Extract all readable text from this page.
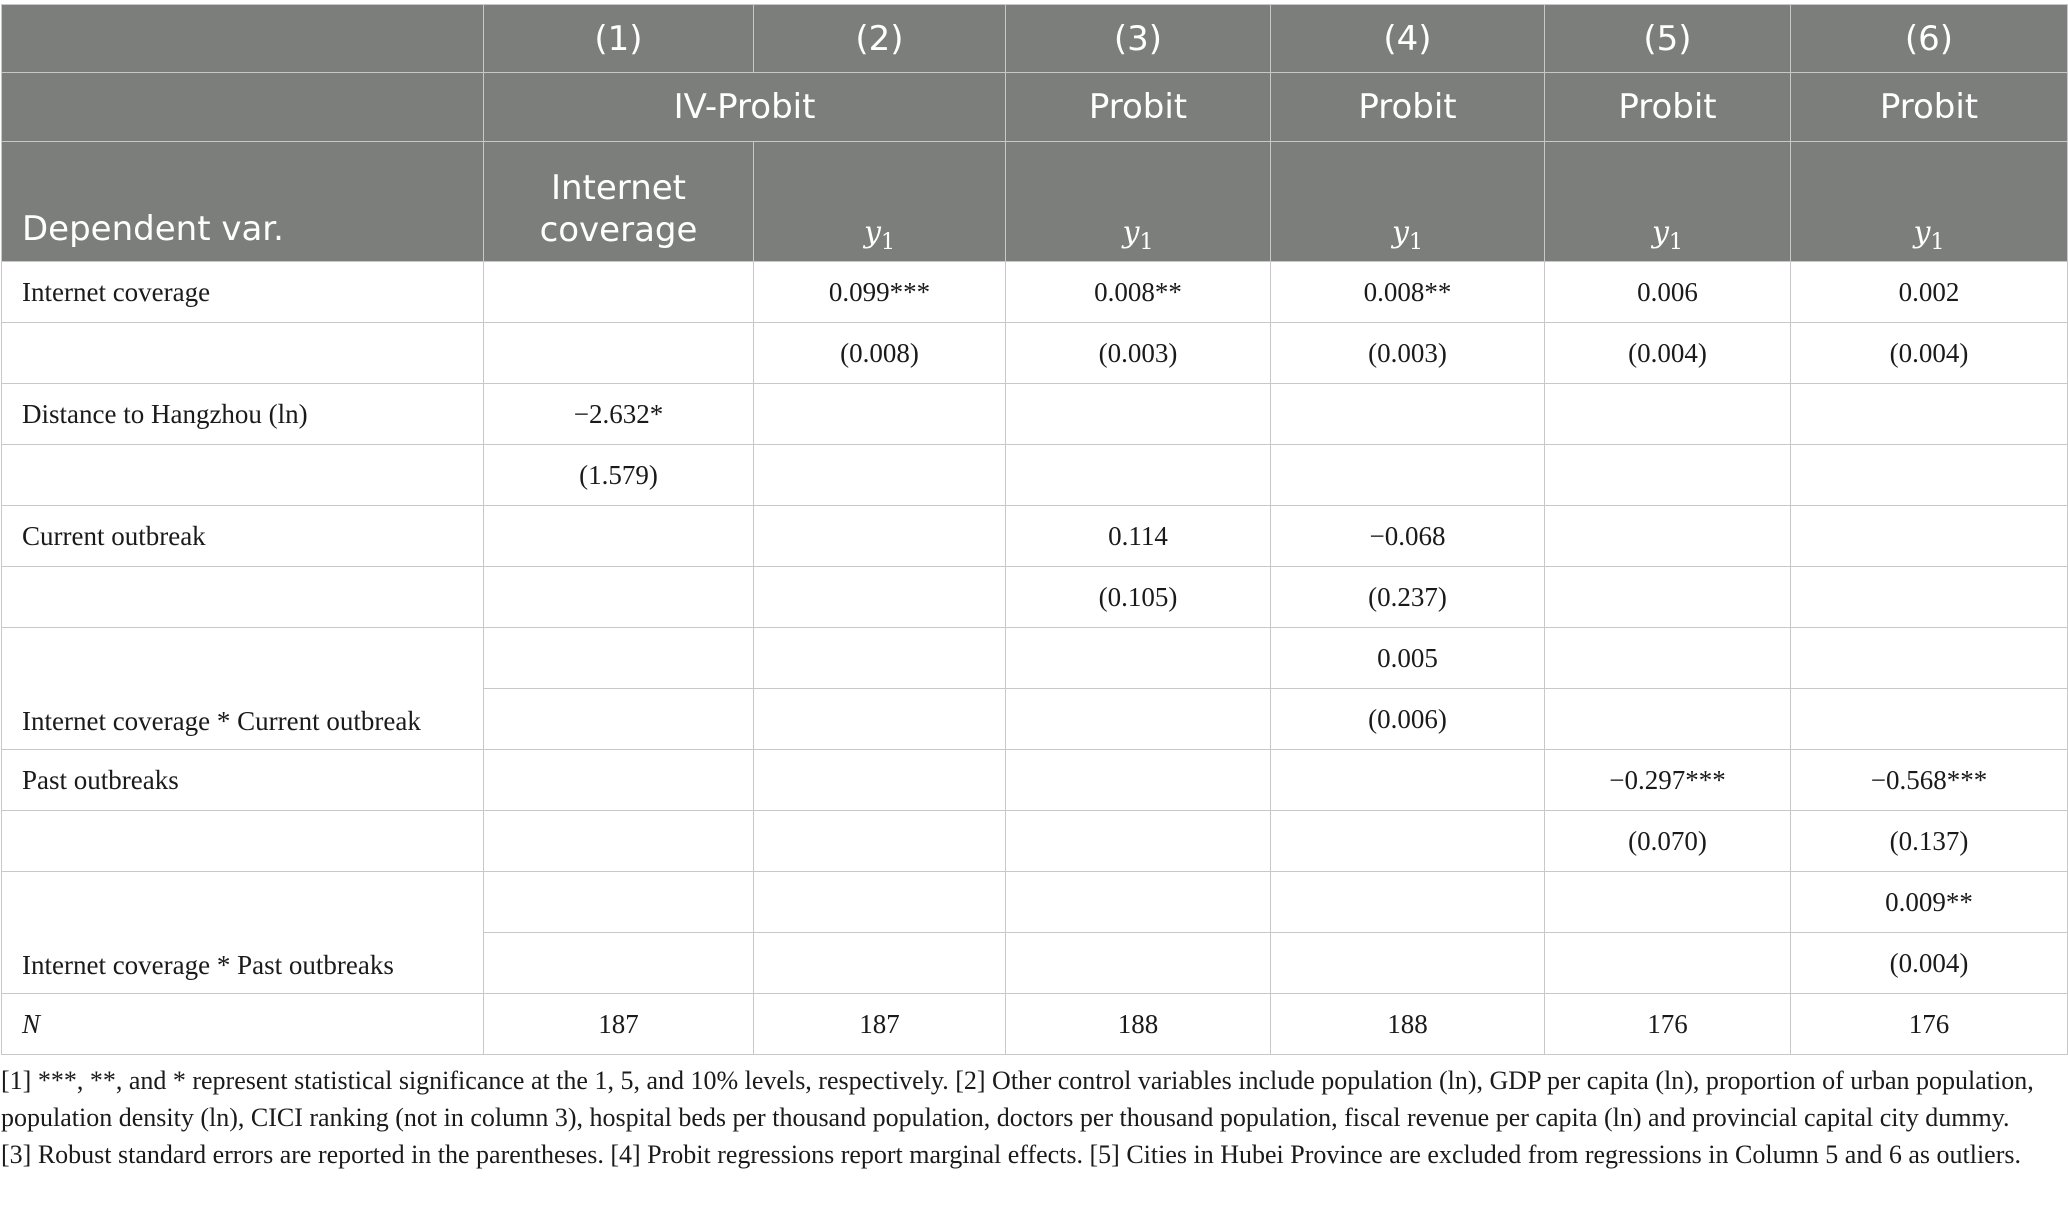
	(1)	(2)	(3)	(4)	(5)	(6)
	IV-Probit		Probit	Probit	Probit	Probit
Dependent var.	Internet coverage	$y_1$	$y_1$	$y_1$	$y_1$	$y_1$
Internet coverage		0.099***	0.008**	0.008**	0.006	0.002
		(0.008)	(0.003)	(0.003)	(0.004)	(0.004)
Distance to Hangzhou (ln)	−2.632*					
	(1.579)					
Current outbreak			0.114	−0.068		
			(0.105)	(0.237)		
Internet coverage * Current outbreak				0.005		
				(0.006)		
Past outbreaks					−0.297***	−0.568***
					(0.070)	(0.137)
Internet coverage * Past outbreaks						0.009**
						(0.004)
N	187	187	188	188	176	176
[1] ***, **, and * represent statistical significance at the 1, 5, and 10% levels, respectively. [2] Other control variables include population (ln), GDP per capita (ln), proportion of urban population, population density (ln), CICI ranking (not in column 3), hospital beds per thousand population, doctors per thousand population, fiscal revenue per capita (ln) and provincial capital city dummy. [3] Robust standard errors are reported in the parentheses. [4] Probit regressions report marginal effects. [5] Cities in Hubei Province are excluded from regressions in Column 5 and 6 as outliers.
